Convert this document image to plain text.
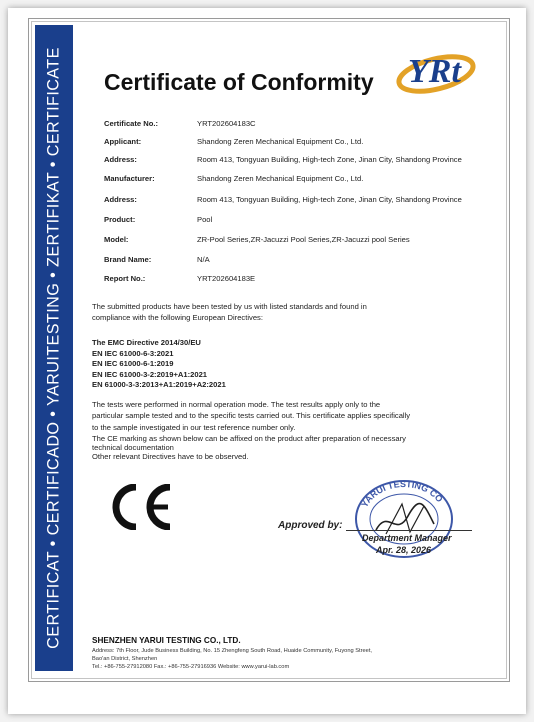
CERTIFICAT • CERTIFICADO • YARUITESTING • ZERTIFIKAT • CERTIFICATE Certificate of Conformity YRt
Certificate No.:	YRT202604183C
Applicant:	Shandong Zeren Mechanical Equipment Co., Ltd.
Address:	Room 413, Tongyuan Building, High-tech Zone, Jinan City, Shandong Province
Manufacturer:	Shandong Zeren Mechanical Equipment Co., Ltd.
Address:	Room 413, Tongyuan Building, High-tech Zone, Jinan City, Shandong Province
Product:	Pool
Model:	ZR-Pool Series,ZR-Jacuzzi Pool Series,ZR-Jacuzzi pool Series
Brand Name:	N/A
Report No.:	YRT202604183E
The submitted products have been tested by us with listed standards and found in
compliance with the following European Directives:
The EMC Directive 2014/30/EU
EN IEC 61000-6-3:2021
EN IEC 61000-6-1:2019
EN IEC 61000-3-2:2019+A1:2021
EN 61000-3-3:2013+A1:2019+A2:2021
The tests were performed in normal operation mode. The test results apply only to the
particular sample tested and to the specific tests carried out. This certificate applies specifically
to the sample investigated in our test reference number only.
The CE marking as shown below can be affixed on the product after preparation of necessary
technical documentation
Other relevant Directives have to be observed.
YARUI TESTING CO
Approved by:
Department Manager
Apr. 28, 2026
SHENZHEN YARUI TESTING CO., LTD.
Address: 7th Floor, Jude Business Building, No. 15 Zhengfeng South Road, Huaide Community, Fuyong Street,
Bao'an District, Shenzhen
Tel.: +86-755-27912080 Fax.: +86-755-27916936 Website: www.yarui-lab.com
